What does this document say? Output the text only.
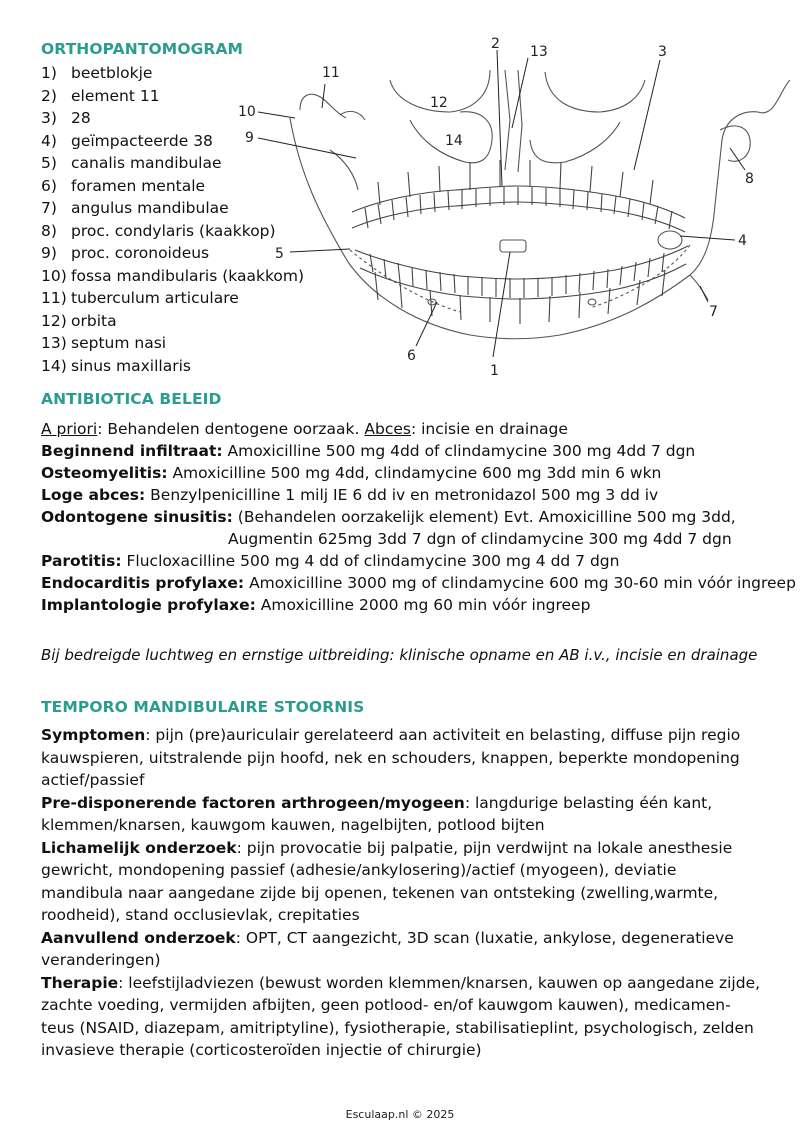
ORTHOPANTOMOGRAM
1) beetblokje
2) element 11
3) 28
4) geïmpacteerde 38
5) canalis mandibulae
6) foramen mentale
7) angulus mandibulae
8) proc. condylaris (kaakkop)
9) proc. coronoideus
10) fossa mandibularis (kaakkom)
11) tuberculum articulare
12) orbita
13) septum nasi
14) sinus maxillaris	1
2	3
4
5
6
7
8
9
10
11
12
13
14
ANTIBIOTICA BELEID

A priori: Behandelen dentogene oorzaak. Abces: incisie en drainage

Beginnend infiltraat: Amoxicilline 500 mg 4dd of clindamycine 300 mg 4dd 7 dgn

Osteomyelitis: Amoxicilline 500 mg 4dd, clindamycine 600 mg 3dd min 6 wkn

Loge abces: Benzylpenicilline 1 milj IE 6 dd iv en metronidazol 500 mg 3 dd iv

Odontogene sinusitis: (Behandelen oorzakelijk element) Evt. Amoxicilline 500 mg 3dd,

Augmentin 625mg 3dd 7 dgn of clindamycine 300 mg 4dd 7 dgn

Parotitis: Flucloxacilline 500 mg 4 dd of clindamycine 300 mg 4 dd 7 dgn

Endocarditis profylaxe: Amoxicilline 3000 mg of clindamycine 600 mg 30-60 min vóór ingreep

Implantologie profylaxe: Amoxicilline 2000 mg 60 min vóór ingreep

Bij bedreigde luchtweg en ernstige uitbreiding: klinische opname en AB i.v., incisie en drainage
TEMPORO MANDIBULAIRE STOORNIS

Symptomen: pijn (pre)auriculair gerelateerd aan activiteit en belasting, diffuse pijn regio kauwspieren, uitstralende pijn hoofd, nek en schouders, knappen, beperkte mondopening actief/passief

Pre-disponerende factoren arthrogeen/myogeen: langdurige belasting één kant, klemmen/knarsen, kauwgom kauwen, nagelbijten, potlood bijten

Lichamelijk onderzoek: pijn provocatie bij palpatie, pijn verdwijnt na lokale anesthesie gewricht, mondopening passief (adhesie/ankylosering)/actief (myogeen), deviatie mandibula naar aangedane zijde bij openen, tekenen van ontsteking (zwelling,warmte, roodheid), stand occlusievlak, crepitaties

Aanvullend onderzoek: OPT, CT aangezicht, 3D scan (luxatie, ankylose, degeneratieve veranderingen)

Therapie: leefstijladviezen (bewust worden klemmen/knarsen, kauwen op aangedane zijde, zachte voeding, vermijden afbijten, geen potlood- en/of kauwgom kauwen), medicamen-teus (NSAID, diazepam, amitriptyline), fysiotherapie, stabilisatieplint, psychologisch, zelden invasieve therapie (corticosteroïden injectie of chirurgie)

Esculaap.nl © 2025
